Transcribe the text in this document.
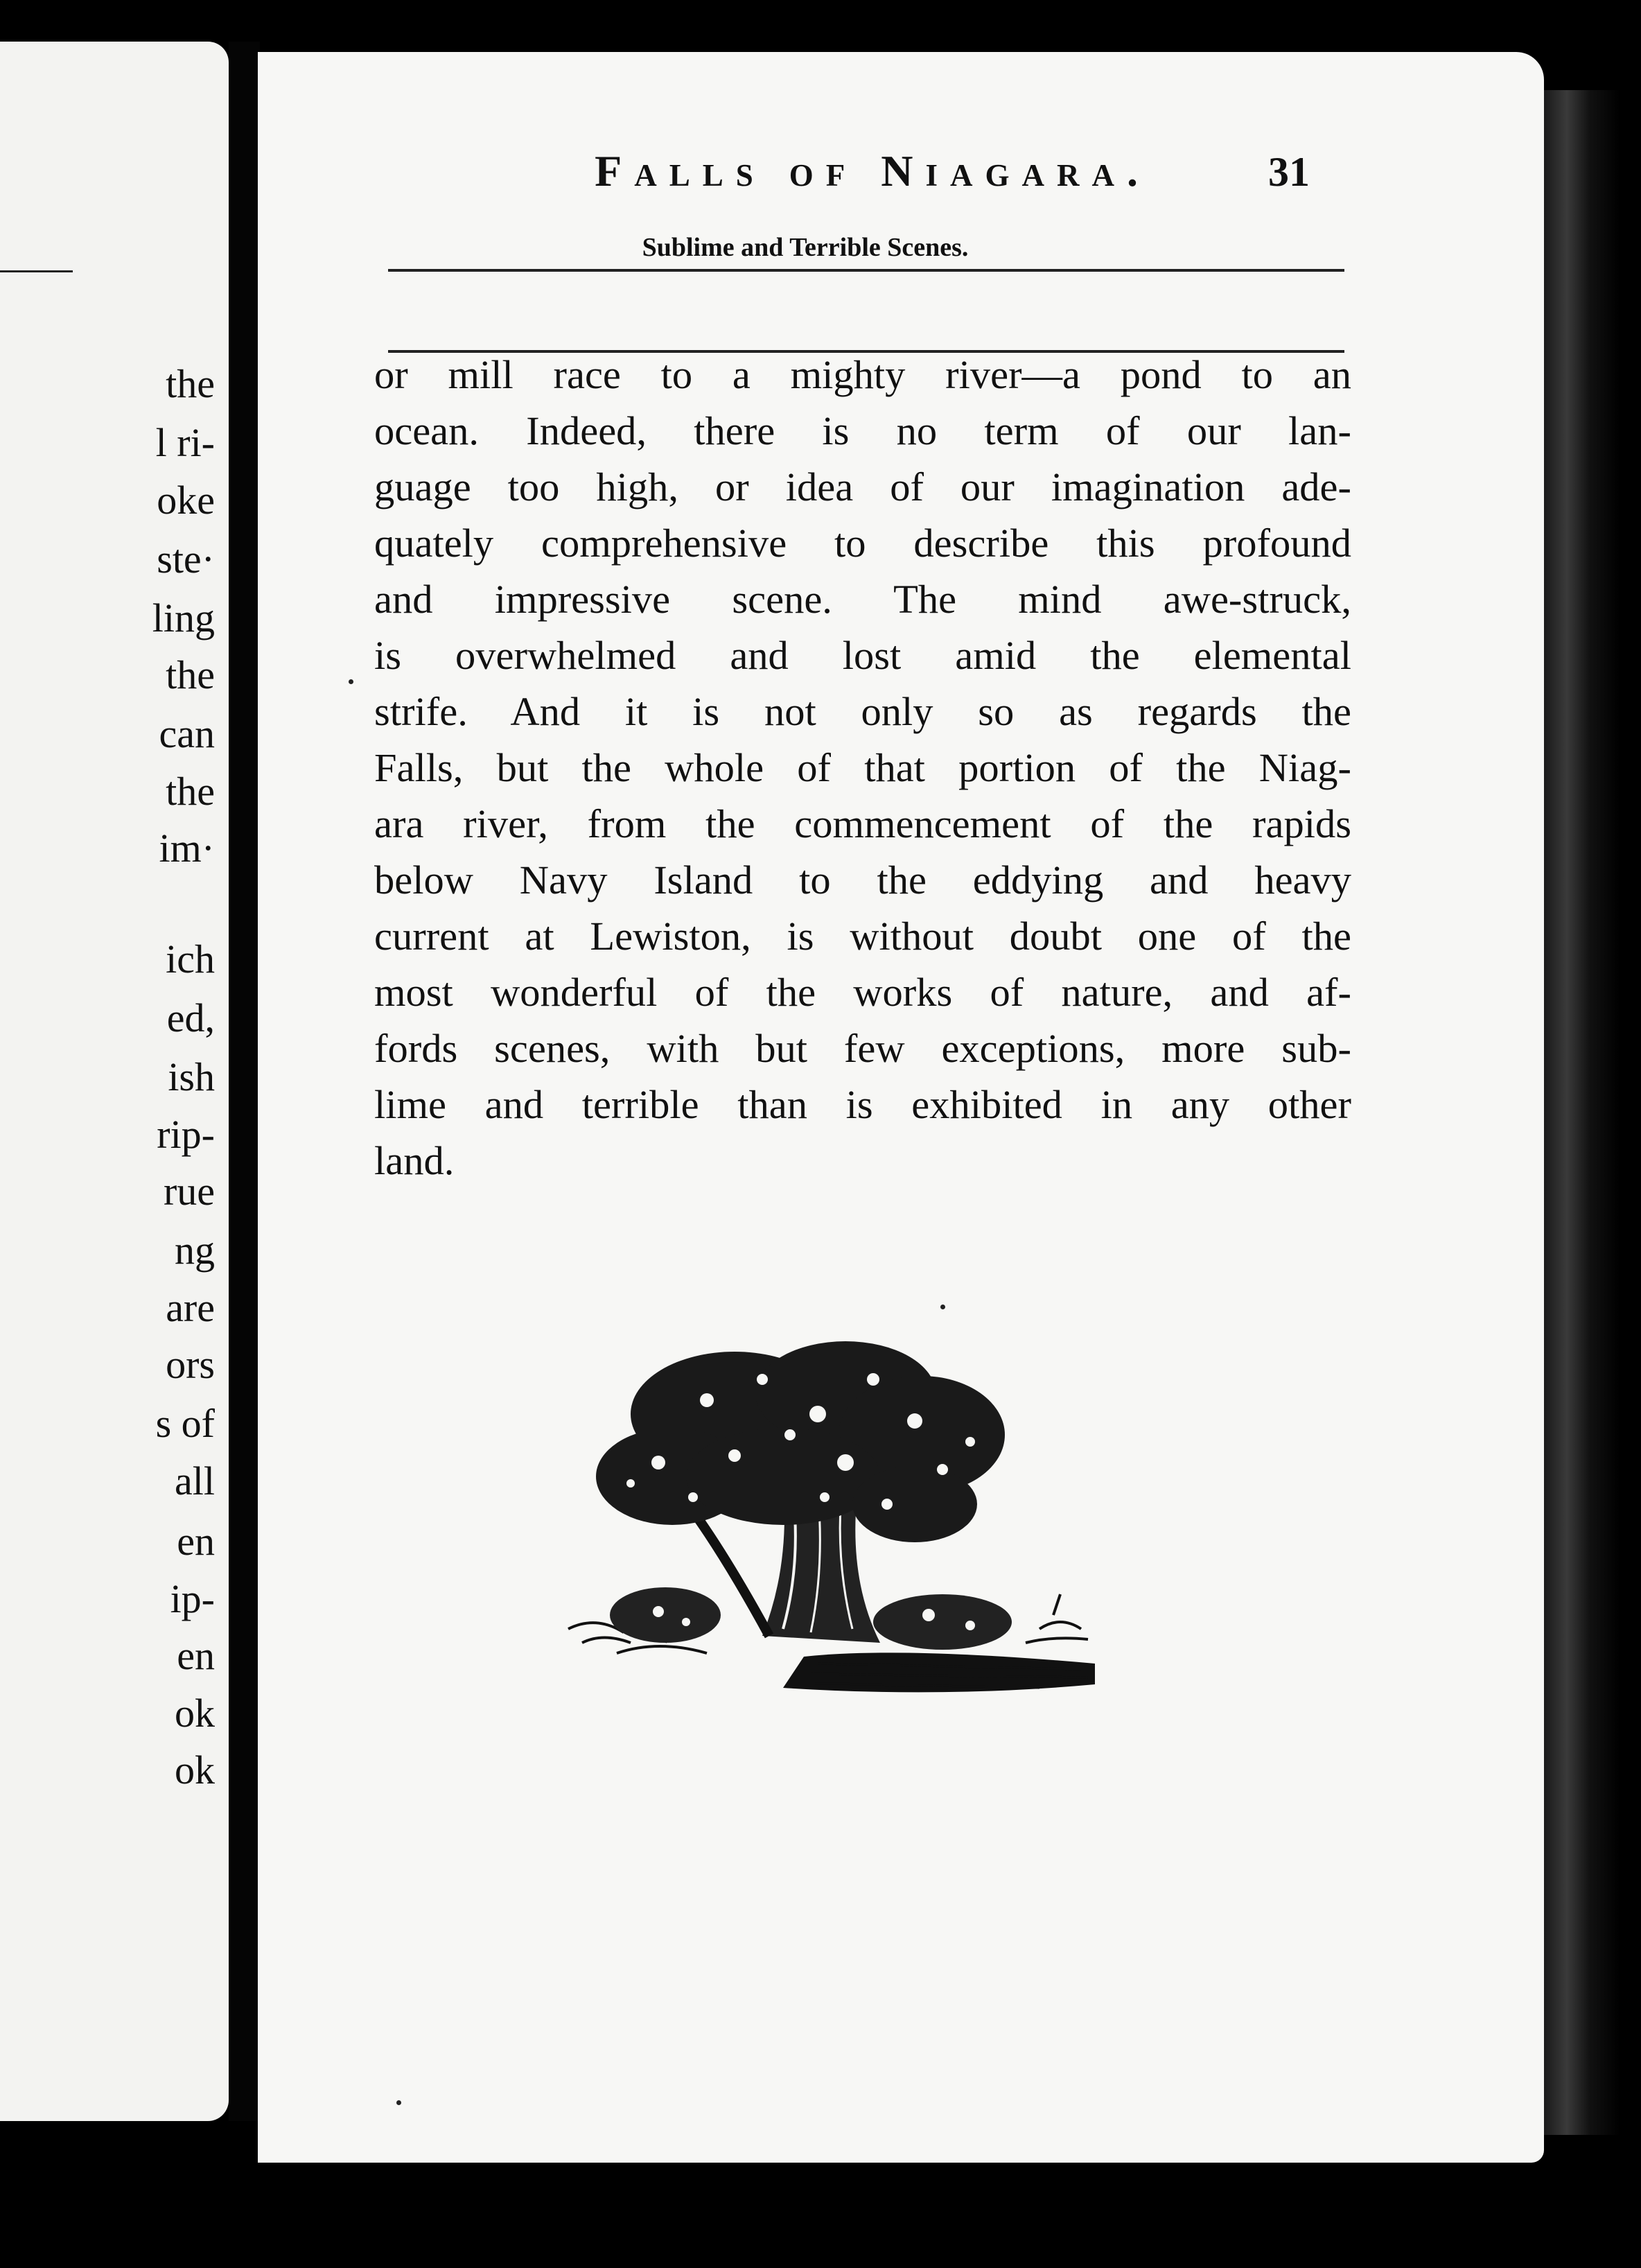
the
l ri-
oke
ste·
ling
the
can
the
im·
ich
ed,
ish
rip-
rue
ng
are
ors
s of
all
en
ip-
en
ok
ok
Falls of Niagara.	31
Sublime and Terrible Scenes.
or mill race to a mighty river—a pond to an
ocean. Indeed, there is no term of our lan-
guage too high, or idea of our imagination ade-
quately comprehensive to describe this profound
and impressive scene. The mind awe-struck,
is overwhelmed and lost amid the elemental
strife. And it is not only so as regards the
Falls, but the whole of that portion of the Niag-
ara river, from the commencement of the rapids
below Navy Island to the eddying and heavy
current at Lewiston, is without doubt one of the
most wonderful of the works of nature, and af-
fords scenes, with but few exceptions, more sub-
lime and terrible than is exhibited in any other
land.
